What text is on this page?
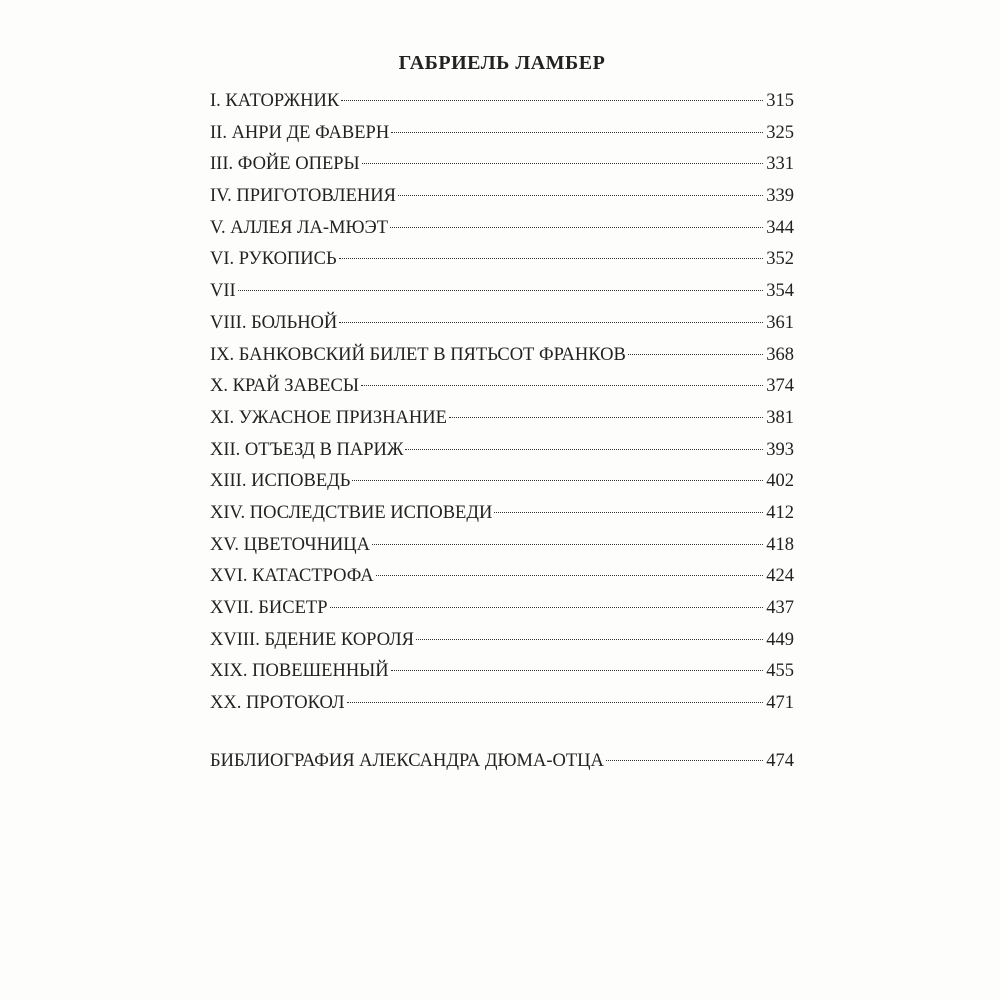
ГАБРИЕЛЬ ЛАМБЕР
I. КАТОРЖНИК	315
II. АНРИ ДЕ ФАВЕРН	325
III. ФОЙЕ ОПЕРЫ	331
IV. ПРИГОТОВЛЕНИЯ	339
V. АЛЛЕЯ ЛА-МЮЭТ	344
VI. РУКОПИСЬ	352
VII	354
VIII. БОЛЬНОЙ	361
IX. БАНКОВСКИЙ БИЛЕТ В ПЯТЬСОТ ФРАНКОВ	368
X. КРАЙ ЗАВЕСЫ	374
XI. УЖАСНОЕ ПРИЗНАНИЕ	381
XII. ОТЪЕЗД В ПАРИЖ	393
XIII. ИСПОВЕДЬ	402
XIV. ПОСЛЕДСТВИЕ ИСПОВЕДИ	412
XV. ЦВЕТОЧНИЦА	418
XVI. КАТАСТРОФА	424
XVII. БИСЕТР	437
XVIII. БДЕНИЕ КОРОЛЯ	449
XIX. ПОВЕШЕННЫЙ	455
XX. ПРОТОКОЛ	471
БИБЛИОГРАФИЯ АЛЕКСАНДРА ДЮМА-ОТЦА	474
